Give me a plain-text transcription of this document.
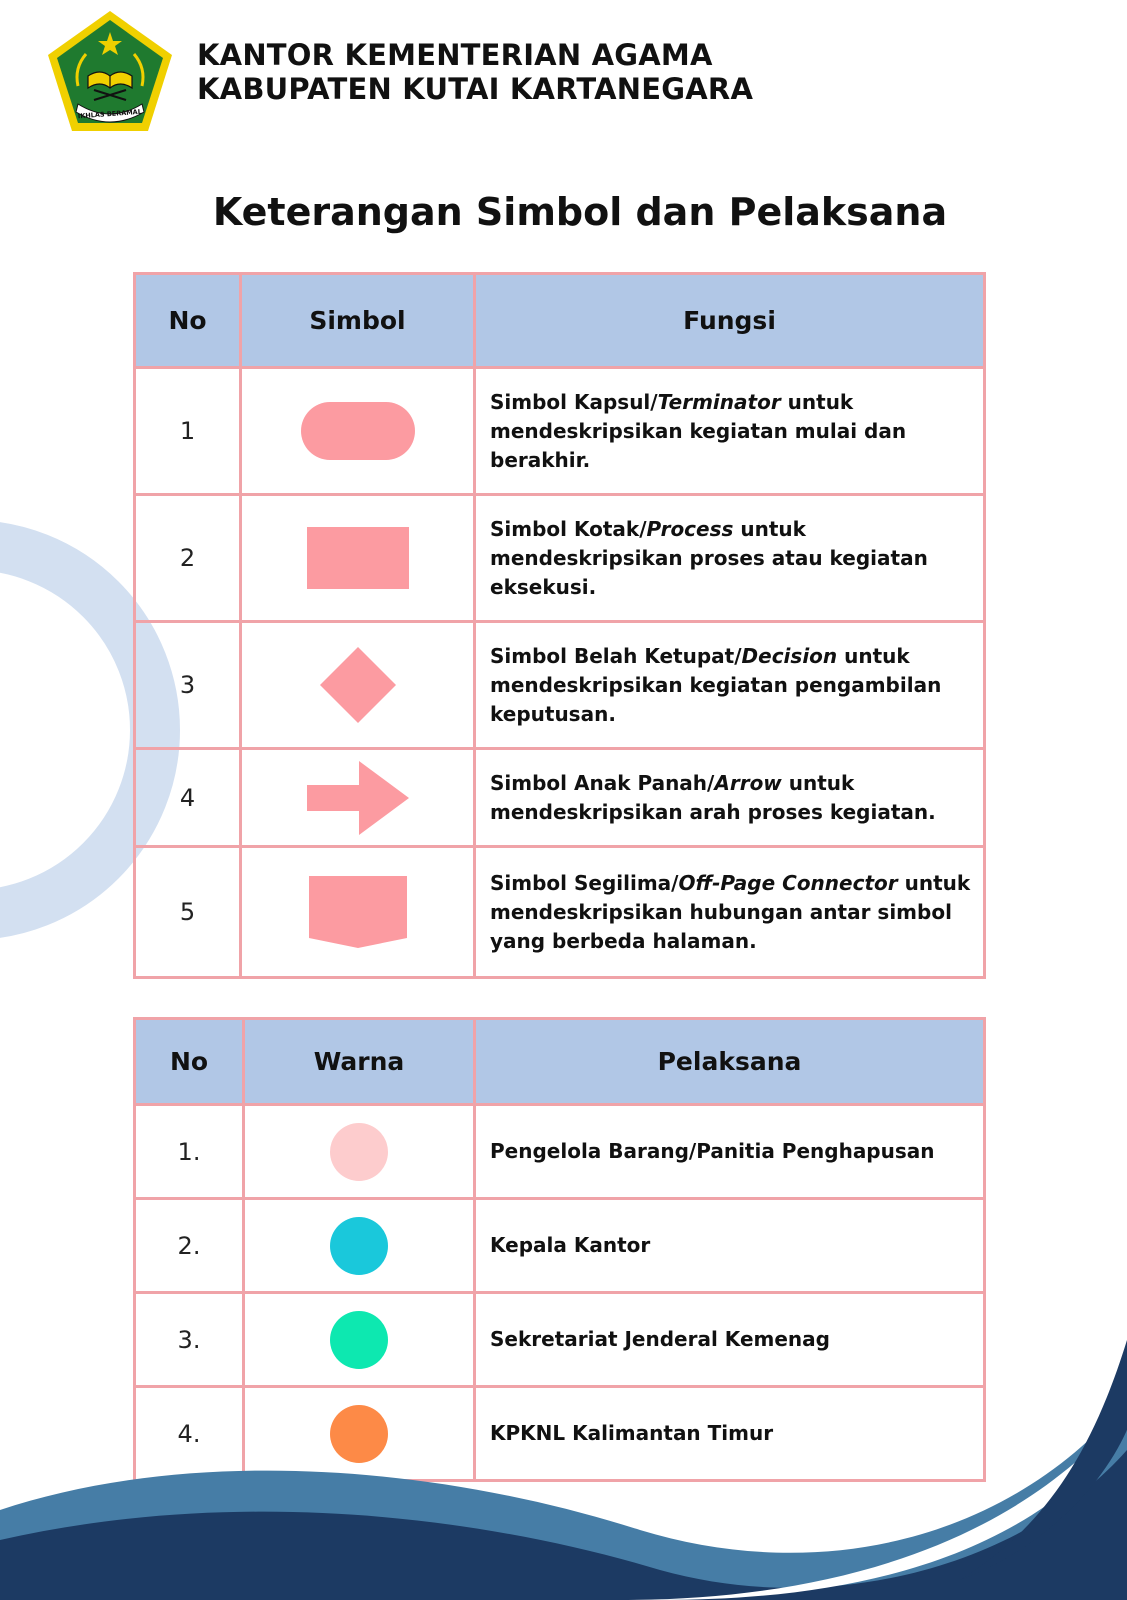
IKHLAS BERAMAL
KANTOR KEMENTERIAN AGAMA
KABUPATEN KUTAI KARTANEGARA
Keterangan Simbol dan Pelaksana
No	Simbol	Fungsi
1		Simbol Kapsul/Terminator untuk mendeskripsikan kegiatan mulai dan berakhir.
2		Simbol Kotak/Process untuk mendeskripsikan proses atau kegiatan eksekusi.
3		Simbol Belah Ketupat/Decision untuk mendeskripsikan kegiatan pengambilan keputusan.
4		Simbol Anak Panah/Arrow untuk mendeskripsikan arah proses kegiatan.
5		Simbol Segilima/Off-Page Connector untuk mendeskripsikan hubungan antar simbol yang berbeda halaman.
No	Warna	Pelaksana
1.		Pengelola Barang/Panitia Penghapusan
2.		Kepala Kantor
3.		Sekretariat Jenderal Kemenag
4.		KPKNL Kalimantan Timur
